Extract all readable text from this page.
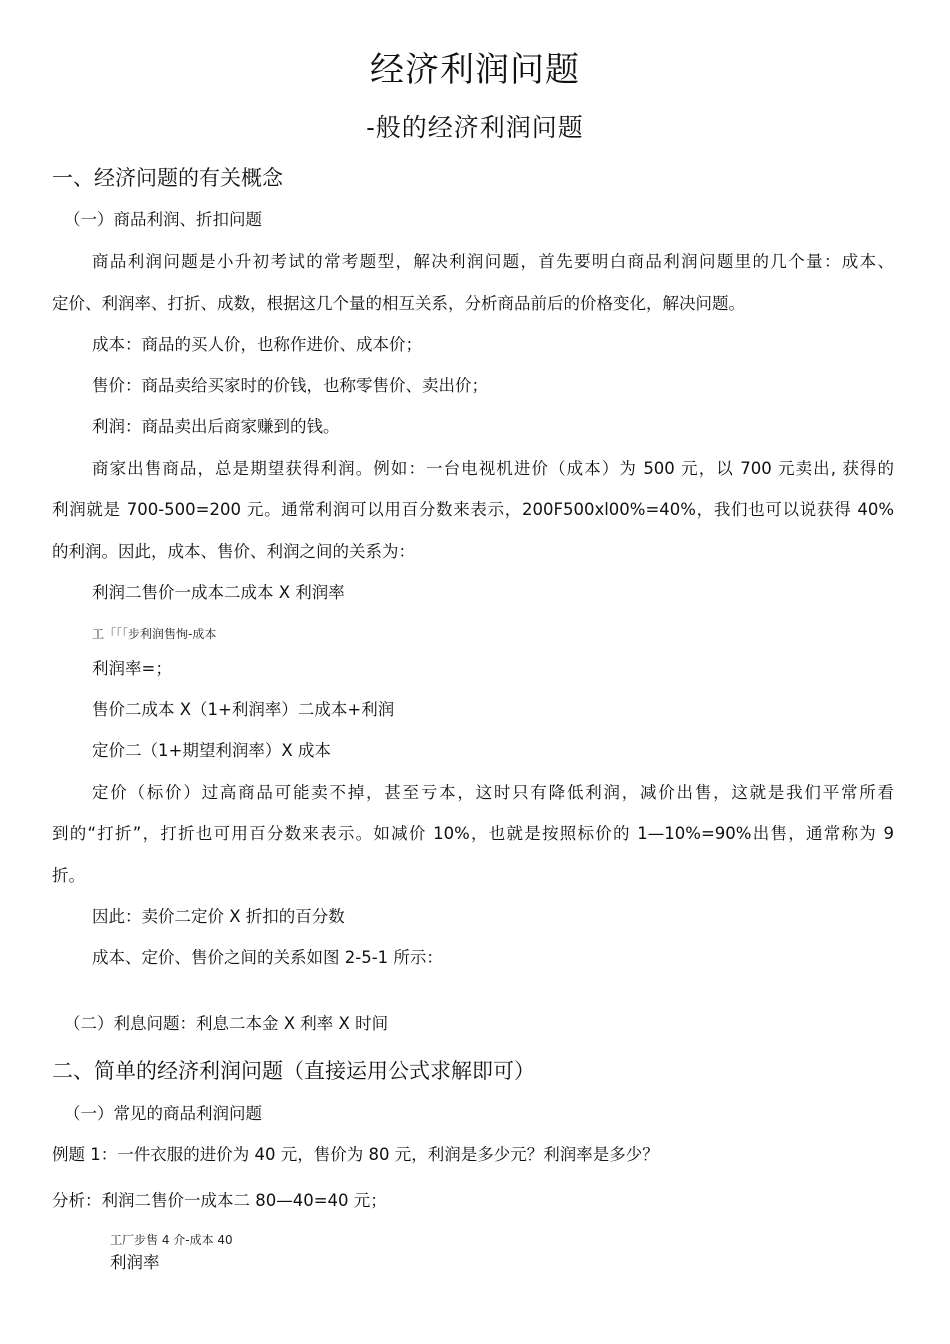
经济利润问题
-般的经济利润问题
一、经济问题的有关概念
（一）商品利润、折扣问题
商品利润问题是小升初考试的常考题型，解决利润问题，首先要明白商品利润问题里的几个量：成本、
定价、利润率、打折、成数，根据这几个量的相互关系，分析商品前后的价格变化，解决问题。
成本：商品的买人价，也称作进价、成本价；
售价：商品卖给买家时的价钱，也称零售价、卖出价；
利润：商品卖出后商家赚到的钱。
商家出售商品，总是期望获得利润。例如：一台电视机进价（成本）为 500 元，以 700 元卖出, 获得的
利润就是 700-500=200 元。通常利润可以用百分数来表示，200F500xl00%=40%，我们也可以说获得 40%
的利润。因此，成本、售价、利润之间的关系为：
利润二售价一成本二成本 X 利润率
工「「「步利润售恂-成本
利润率=；
售价二成本 X（1+利润率）二成本+利润
定价二（1+期望利润率）X 成本
定价（标价）过高商品可能卖不掉，甚至亏本，这时只有降低利润，减价出售，这就是我们平常所看
到的“打折”，打折也可用百分数来表示。如减价 10%，也就是按照标价的 1—10%=90%出售，通常称为 9
折。
因此：卖价二定价 X 折扣的百分数
成本、定价、售价之间的关系如图 2-5-1 所示：
（二）利息问题：利息二本金 X 利率 X 时间
二、简单的经济利润问题（直接运用公式求解即可）
（一）常见的商品利润问题
例题 1：一件衣服的进价为 40 元，售价为 80 元，利润是多少元？利润率是多少？
分析：利润二售价一成本二 80—40=40 元；
工厂步售 4 介-成本 40
利润率
